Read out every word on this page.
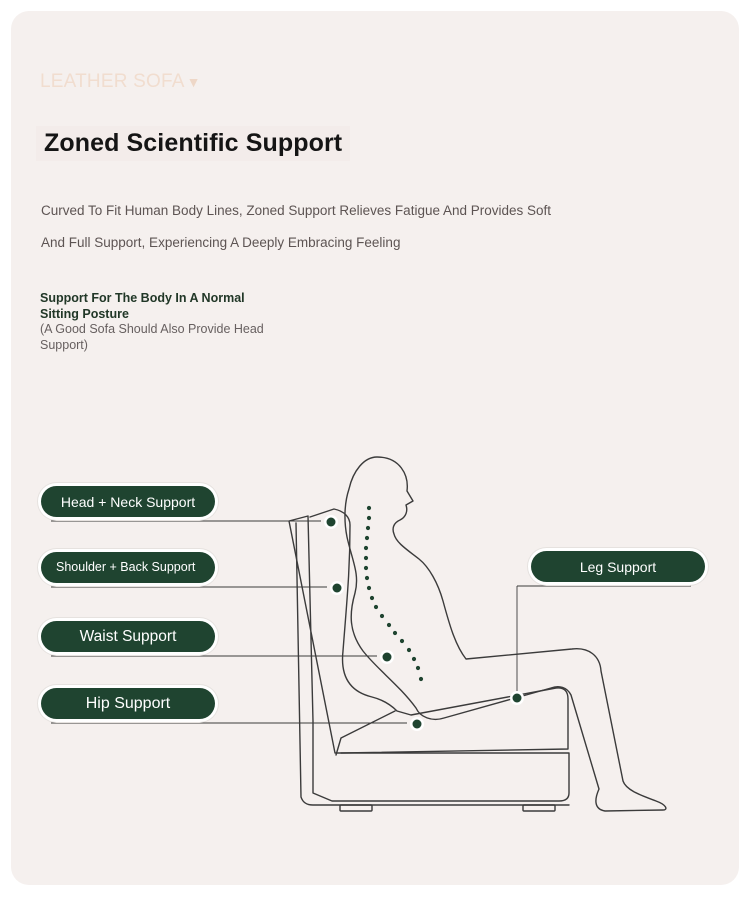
LEATHER SOFA ▼
Zoned Scientific Support
Curved To Fit Human Body Lines, Zoned Support Relieves Fatigue And Provides Soft
And Full Support, Experiencing A Deeply Embracing Feeling
Support For The Body In A Normal Sitting Posture
(A Good Sofa Should Also Provide Head Support)
Head + Neck Support
Shoulder + Back Support
Waist Support
Hip Support
Leg Support
